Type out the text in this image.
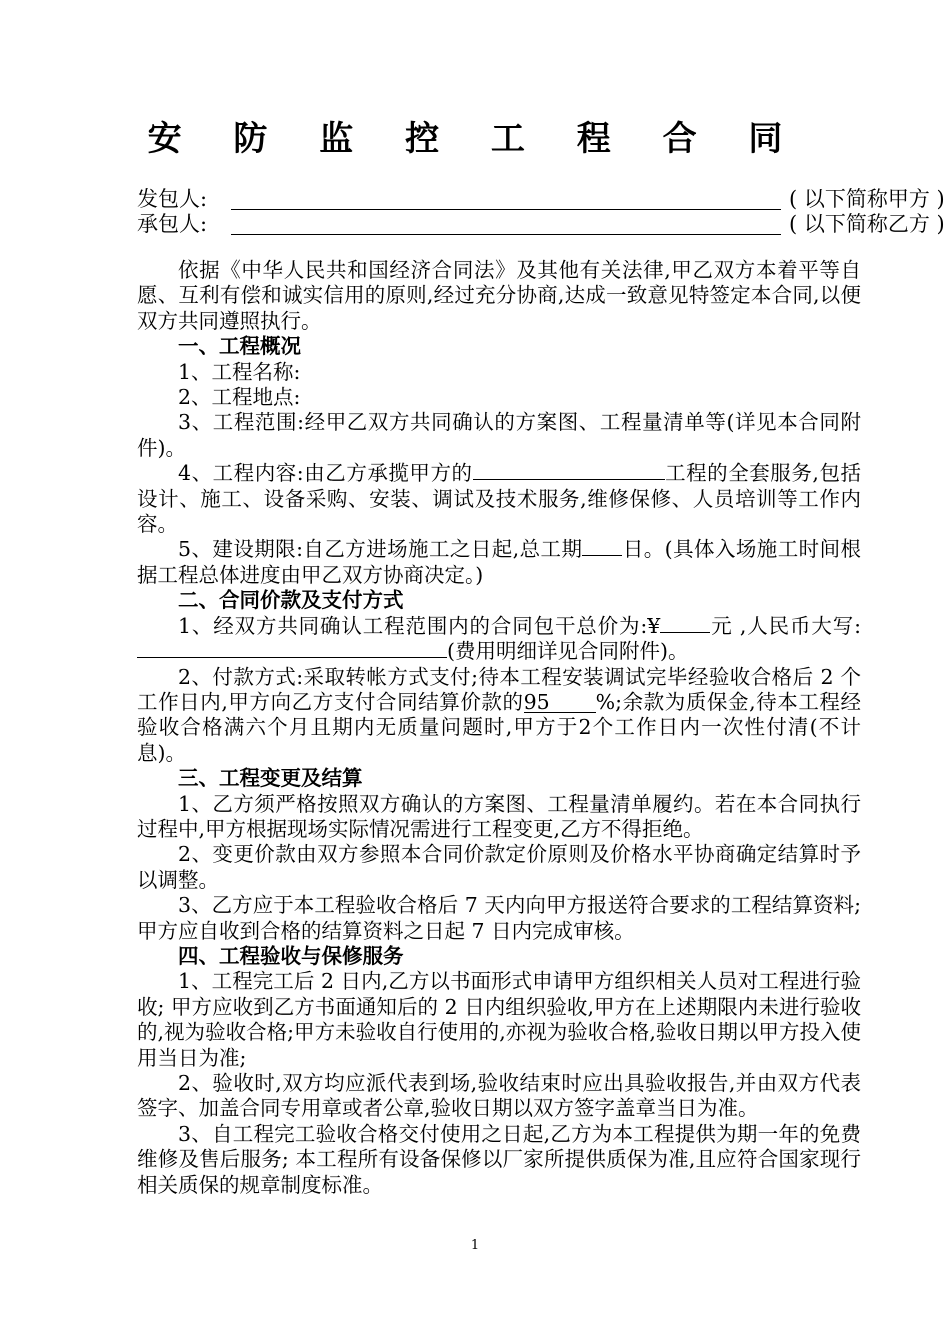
安 防 监 控 工 程 合 同
发包人:	( 以下简称甲方 )
承包人:	( 以下简称乙方 )

依据《中华人民共和国经济合同法》及其他有关法律,甲乙双方本着平等自愿、互利有偿和诚实信用的原则,经过充分协商,达成一致意见特签定本合同,以便双方共同遵照执行。

一、工程概况

1、工程名称:

2、工程地点:

3、工程范围:经甲乙双方共同确认的方案图、工程量清单等(详见本合同附件)。

4、工程内容:由乙方承揽甲方的	工程的全套服务,包括设计、施工、设备采购、安装、调试及技术服务,维修保修、人员培训等工作内容。

5、建设期限:自乙方进场施工之日起,总工期 日。(具体入场施工时间根据工程总体进度由甲乙双方协商决定。)

二、合同价款及支付方式

1、经双方共同确认工程范围内的合同包干总价为:¥ 元 ,人民币大写:(费用明细详见合同附件)。

2、付款方式:采取转帐方式支付;待本工程安装调试完毕经验收合格后 2 个工作日内,甲方向乙方支付合同结算价款的95 %;余款为质保金,待本工程经验收合格满六个月且期内无质量问题时,甲方于2个工作日内一次性付清(不计息)。

三、工程变更及结算

1、乙方须严格按照双方确认的方案图、工程量清单履约。若在本合同执行过程中,甲方根据现场实际情况需进行工程变更,乙方不得拒绝。

2、变更价款由双方参照本合同价款定价原则及价格水平协商确定结算时予以调整。

3、乙方应于本工程验收合格后 7 天内向甲方报送符合要求的工程结算资料; 甲方应自收到合格的结算资料之日起 7 日内完成审核。

四、工程验收与保修服务

1、工程完工后 2 日内,乙方以书面形式申请甲方组织相关人员对工程进行验收; 甲方应收到乙方书面通知后的 2 日内组织验收,甲方在上述期限内未进行验收的,视为验收合格;甲方未验收自行使用的,亦视为验收合格,验收日期以甲方投入使用当日为准;

2、验收时,双方均应派代表到场,验收结束时应出具验收报告,并由双方代表签字、加盖合同专用章或者公章,验收日期以双方签字盖章当日为准。

3、自工程完工验收合格交付使用之日起,乙方为本工程提供为期一年的免费维修及售后服务; 本工程所有设备保修以厂家所提供质保为准,且应符合国家现行相关质保的规章制度标准。

1
